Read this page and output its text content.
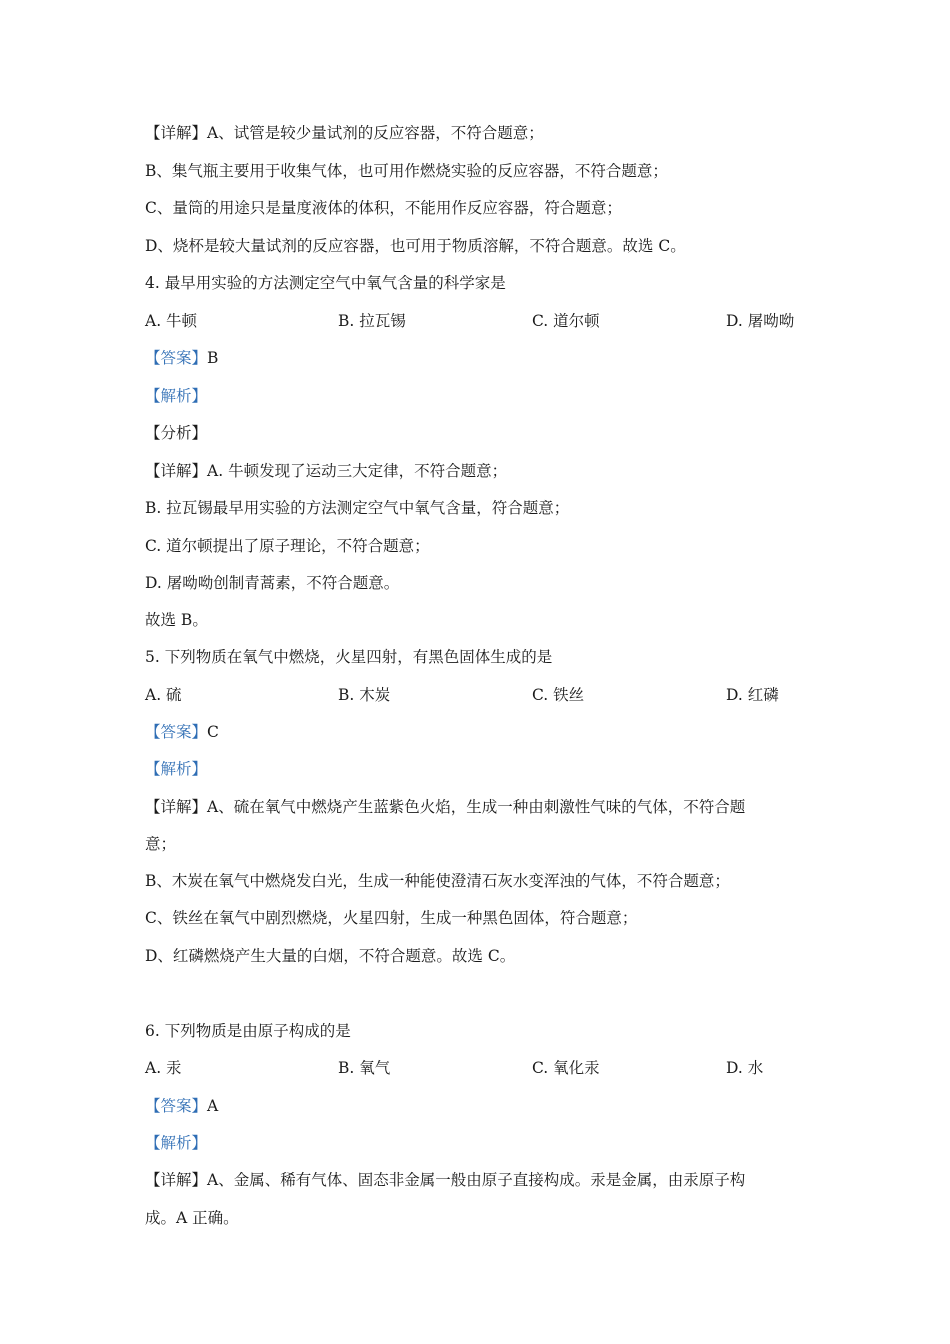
【详解】A、试管是较少量试剂的反应容器，不符合题意；

B、集气瓶主要用于收集气体，也可用作燃烧实验的反应容器，不符合题意；

C、量筒的用途只是量度液体的体积，不能用作反应容器，符合题意；

D、烧杯是较大量试剂的反应容器，也可用于物质溶解，不符合题意。故选 C。

4. 最早用实验的方法测定空气中氧气含量的科学家是

A. 牛顿	B. 拉瓦锡	C. 道尔顿	D. 屠呦呦

【答案】B

【解析】

【分析】

【详解】A. 牛顿发现了运动三大定律，不符合题意；

B. 拉瓦锡最早用实验的方法测定空气中氧气含量，符合题意；

C. 道尔顿提出了原子理论，不符合题意；

D. 屠呦呦创制青蒿素，不符合题意。

故选 B。

5. 下列物质在氧气中燃烧，火星四射，有黑色固体生成的是

A. 硫	B. 木炭	C. 铁丝	D. 红磷

【答案】C

【解析】

【详解】A、硫在氧气中燃烧产生蓝紫色火焰，生成一种由刺激性气味的气体，不符合题

意；

B、木炭在氧气中燃烧发白光，生成一种能使澄清石灰水变浑浊的气体，不符合题意；

C、铁丝在氧气中剧烈燃烧，火星四射，生成一种黑色固体，符合题意；

D、红磷燃烧产生大量的白烟，不符合题意。故选 C。

6. 下列物质是由原子构成的是

A. 汞	B. 氧气	C. 氧化汞	D. 水

【答案】A

【解析】

【详解】A、金属、稀有气体、固态非金属一般由原子直接构成。汞是金属，由汞原子构

成。A 正确。
